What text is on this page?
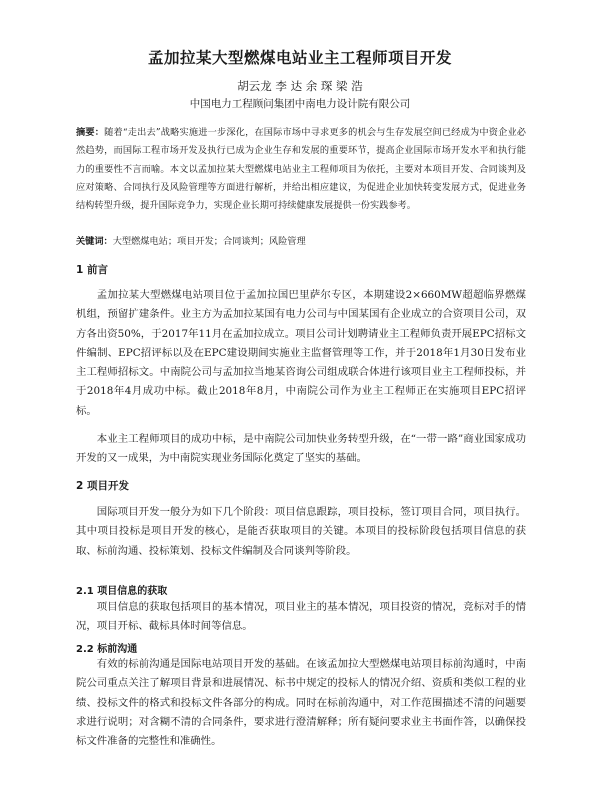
孟加拉某大型燃煤电站业主工程师项目开发
胡云龙 李 达 余 琛 梁 浩
中国电力工程顾问集团中南电力设计院有限公司
摘要：随着“走出去”战略实施进一步深化，在国际市场中寻求更多的机会与生存发展空间已经成为中资企业必然趋势，而国际工程市场开发及执行已成为企业生存和发展的重要环节，提高企业国际市场开发水平和执行能力的重要性不言而喻。本文以孟加拉某大型燃煤电站业主工程师项目为依托，主要对本项目开发、合同谈判及应对策略、合同执行及风险管理等方面进行解析，并给出相应建议，为促进企业加快转变发展方式，促进业务结构转型升级，提升国际竞争力，实现企业长期可持续健康发展提供一份实践参考。
关键词：大型燃煤电站；项目开发；合同谈判；风险管理
1 前言
孟加拉某大型燃煤电站项目位于孟加拉国巴里萨尔专区，本期建设2×660MW超超临界燃煤机组，预留扩建条件。业主方为孟加拉某国有电力公司与中国某国有企业成立的合资项目公司，双方各出资50%，于2017年11月在孟加拉成立。项目公司计划聘请业主工程师负责开展EPC招标文件编制、EPC招评标以及在EPC建设期间实施业主监督管理等工作，并于2018年1月30日发布业主工程师招标文。中南院公司与孟加拉当地某咨询公司组成联合体进行该项目业主工程师投标，并于2018年4月成功中标。截止2018年8月，中南院公司作为业主工程师正在实施项目EPC招评标。
本业主工程师项目的成功中标，是中南院公司加快业务转型升级，在“一带一路”商业国家成功开发的又一成果，为中南院实现业务国际化奠定了坚实的基础。
2 项目开发
国际项目开发一般分为如下几个阶段：项目信息跟踪，项目投标，签订项目合同，项目执行。其中项目投标是项目开发的核心，是能否获取项目的关键。本项目的投标阶段包括项目信息的获取、标前沟通、投标策划、投标文件编制及合同谈判等阶段。
2.1 项目信息的获取
项目信息的获取包括项目的基本情况，项目业主的基本情况，项目投资的情况，竞标对手的情况，项目开标、截标具体时间等信息。
2.2 标前沟通
有效的标前沟通是国际电站项目开发的基础。在该孟加拉大型燃煤电站项目标前沟通时，中南院公司重点关注了解项目背景和进展情况、标书中规定的投标人的情况介绍、资质和类似工程的业绩、投标文件的格式和投标文件各部分的构成。同时在标前沟通中，对工作范围描述不清的问题要求进行说明；对含糊不清的合同条件，要求进行澄清解释；所有疑问要求业主书面作答，以确保投标文件准备的完整性和准确性。
